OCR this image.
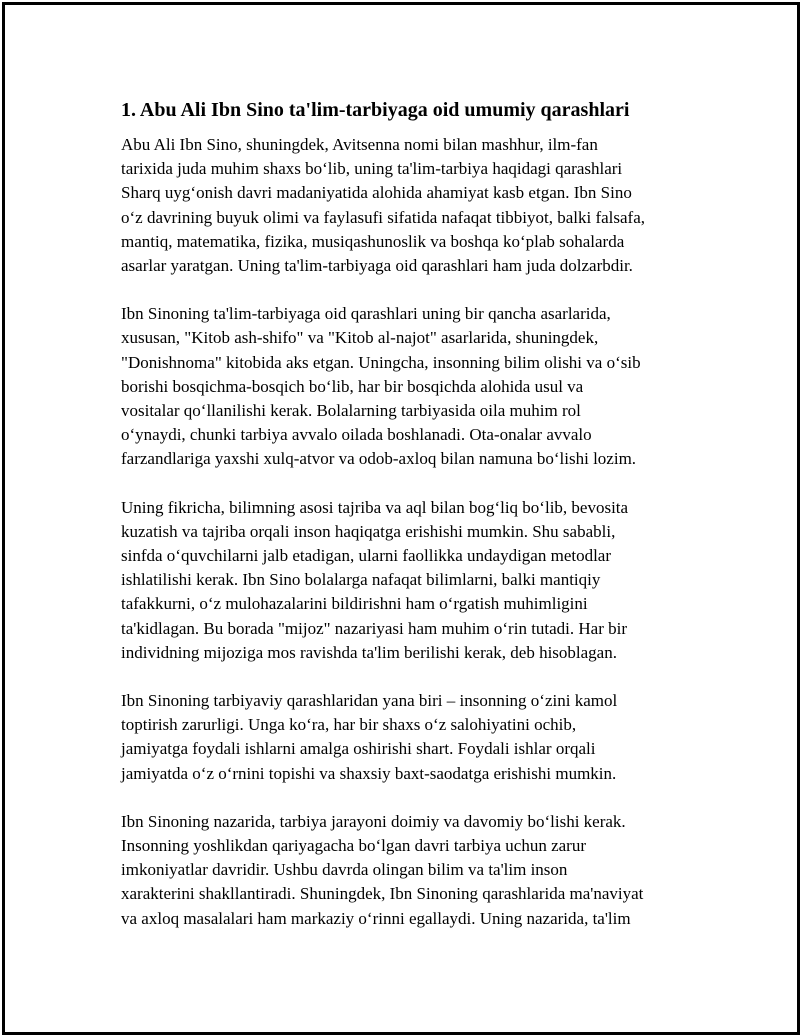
1. Abu Ali Ibn Sino ta'lim-tarbiyaga oid umumiy qarashlari

Abu Ali Ibn Sino, shuningdek, Avitsenna nomi bilan mashhur, ilm-fan
tarixida juda muhim shaxs bo‘lib, uning ta'lim-tarbiya haqidagi qarashlari
Sharq uyg‘onish davri madaniyatida alohida ahamiyat kasb etgan. Ibn Sino
o‘z davrining buyuk olimi va faylasufi sifatida nafaqat tibbiyot, balki falsafa,
mantiq, matematika, fizika, musiqashunoslik va boshqa ko‘plab sohalarda
asarlar yaratgan. Uning ta'lim-tarbiyaga oid qarashlari ham juda dolzarbdir.

Ibn Sinoning ta'lim-tarbiyaga oid qarashlari uning bir qancha asarlarida,
xususan, "Kitob ash-shifo" va "Kitob al-najot" asarlarida, shuningdek,
"Donishnoma" kitobida aks etgan. Uningcha, insonning bilim olishi va o‘sib
borishi bosqichma-bosqich bo‘lib, har bir bosqichda alohida usul va
vositalar qo‘llanilishi kerak. Bolalarning tarbiyasida oila muhim rol
o‘ynaydi, chunki tarbiya avvalo oilada boshlanadi. Ota-onalar avvalo
farzandlariga yaxshi xulq-atvor va odob-axloq bilan namuna bo‘lishi lozim.

Uning fikricha, bilimning asosi tajriba va aql bilan bog‘liq bo‘lib, bevosita
kuzatish va tajriba orqali inson haqiqatga erishishi mumkin. Shu sababli,
sinfda o‘quvchilarni jalb etadigan, ularni faollikka undaydigan metodlar
ishlatilishi kerak. Ibn Sino bolalarga nafaqat bilimlarni, balki mantiqiy
tafakkurni, o‘z mulohazalarini bildirishni ham o‘rgatish muhimligini
ta'kidlagan. Bu borada "mijoz" nazariyasi ham muhim o‘rin tutadi. Har bir
individning mijoziga mos ravishda ta'lim berilishi kerak, deb hisoblagan.

Ibn Sinoning tarbiyaviy qarashlaridan yana biri – insonning o‘zini kamol
toptirish zarurligi. Unga ko‘ra, har bir shaxs o‘z salohiyatini ochib,
jamiyatga foydali ishlarni amalga oshirishi shart. Foydali ishlar orqali
jamiyatda o‘z o‘rnini topishi va shaxsiy baxt-saodatga erishishi mumkin.

Ibn Sinoning nazarida, tarbiya jarayoni doimiy va davomiy bo‘lishi kerak.
Insonning yoshlikdan qariyagacha bo‘lgan davri tarbiya uchun zarur
imkoniyatlar davridir. Ushbu davrda olingan bilim va ta'lim inson
xarakterini shakllantiradi. Shuningdek, Ibn Sinoning qarashlarida ma'naviyat
va axloq masalalari ham markaziy o‘rinni egallaydi. Uning nazarida, ta'lim
